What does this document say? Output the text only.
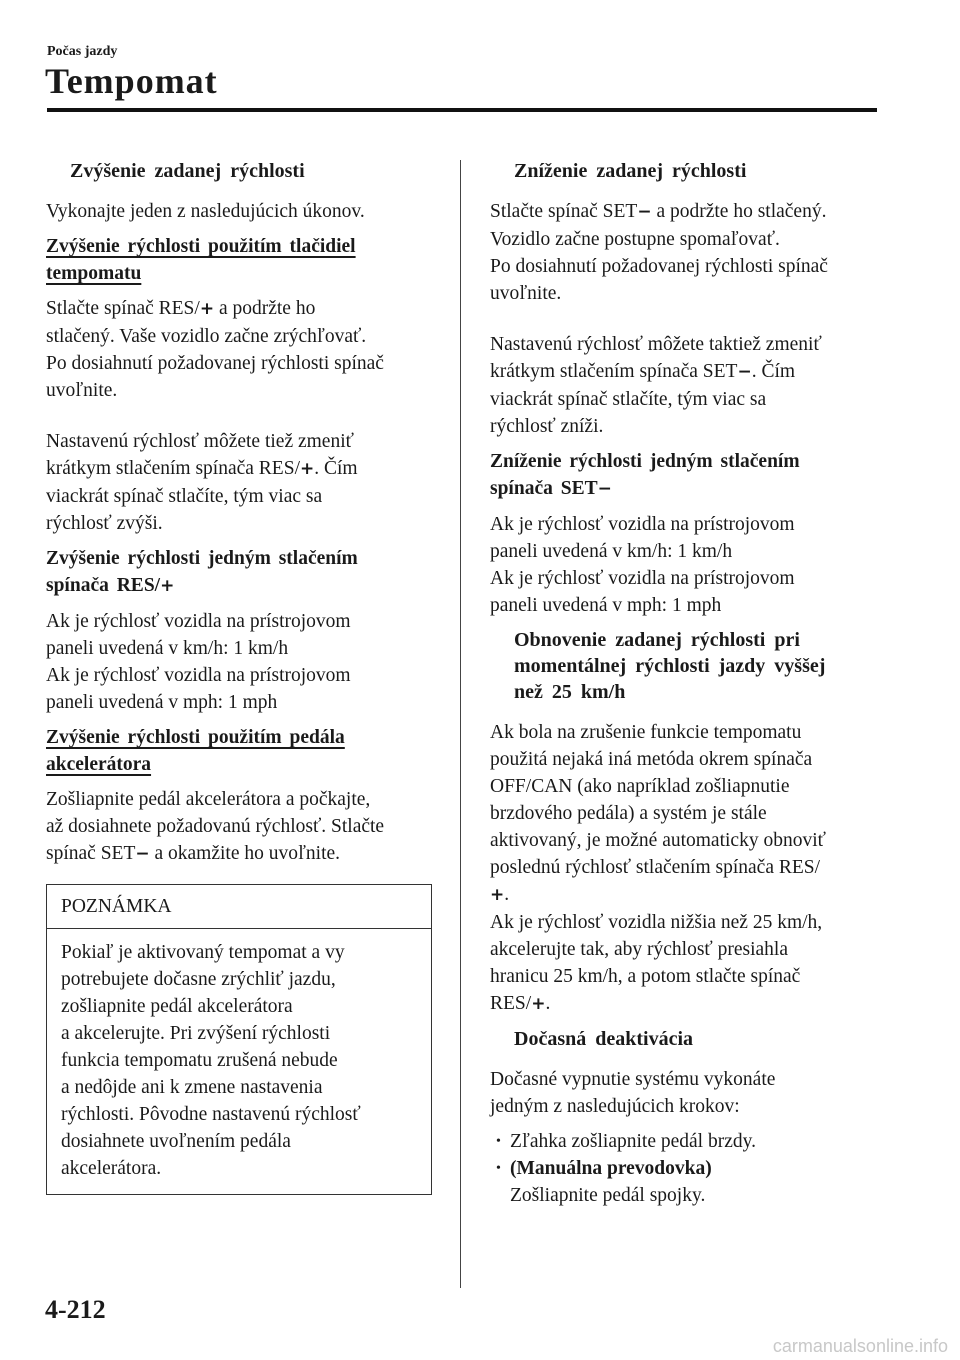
Počas jazdy
Tempomat
Zvýšenie zadanej rýchlosti

Vykonajte jeden z nasledujúcich úkonov.

Zvýšenie rýchlosti použitím tlačidiel
tempomatu

Stlačte spínač RES/+ a podržte ho
stlačený. Vaše vozidlo začne zrýchľovať.
Po dosiahnutí požadovanej rýchlosti spínač
uvoľnite.

Nastavenú rýchlosť môžete tiež zmeniť
krátkym stlačením spínača RES/+. Čím
viackrát spínač stlačíte, tým viac sa
rýchlosť zvýši.

Zvýšenie rýchlosti jedným stlačením
spínača RES/+

Ak je rýchlosť vozidla na prístrojovom
paneli uvedená v km/h: 1 km/h
Ak je rýchlosť vozidla na prístrojovom
paneli uvedená v mph: 1 mph

Zvýšenie rýchlosti použitím pedála
akcelerátora

Zošliapnite pedál akcelerátora a počkajte,
až dosiahnete požadovanú rýchlosť. Stlačte
spínač SET− a okamžite ho uvoľnite.

POZNÁMKA
Pokiaľ je aktivovaný tempomat a vy
potrebujete dočasne zrýchliť jazdu,
zošliapnite pedál akcelerátora
a akcelerujte. Pri zvýšení rýchlosti
funkcia tempomatu zrušená nebude
a nedôjde ani k zmene nastavenia
rýchlosti. Pôvodne nastavenú rýchlosť
dosiahnete uvoľnením pedála
akcelerátora.
Zníženie zadanej rýchlosti

Stlačte spínač SET− a podržte ho stlačený.
Vozidlo začne postupne spomaľovať.
Po dosiahnutí požadovanej rýchlosti spínač
uvoľnite.

Nastavenú rýchlosť môžete taktiež zmeniť
krátkym stlačením spínača SET−. Čím
viackrát spínač stlačíte, tým viac sa
rýchlosť zníži.

Zníženie rýchlosti jedným stlačením
spínača SET−

Ak je rýchlosť vozidla na prístrojovom
paneli uvedená v km/h: 1 km/h
Ak je rýchlosť vozidla na prístrojovom
paneli uvedená v mph: 1 mph

Obnovenie zadanej rýchlosti pri
momentálnej rýchlosti jazdy vyššej
než 25 km/h

Ak bola na zrušenie funkcie tempomatu
použitá nejaká iná metóda okrem spínača
OFF/CAN (ako napríklad zošliapnutie
brzdového pedála) a systém je stále
aktivovaný, je možné automaticky obnoviť
poslednú rýchlosť stlačením spínača RES/
+.
Ak je rýchlosť vozidla nižšia než 25 km/h,
akcelerujte tak, aby rýchlosť presiahla
hranicu 25 km/h, a potom stlačte spínač
RES/+.

Dočasná deaktivácia

Dočasné vypnutie systému vykonáte
jedným z nasledujúcich krokov:

• Zľahka zošliapnite pedál brzdy.
• (Manuálna prevodovka)
Zošliapnite pedál spojky.
4-212
carmanualsonline.info
